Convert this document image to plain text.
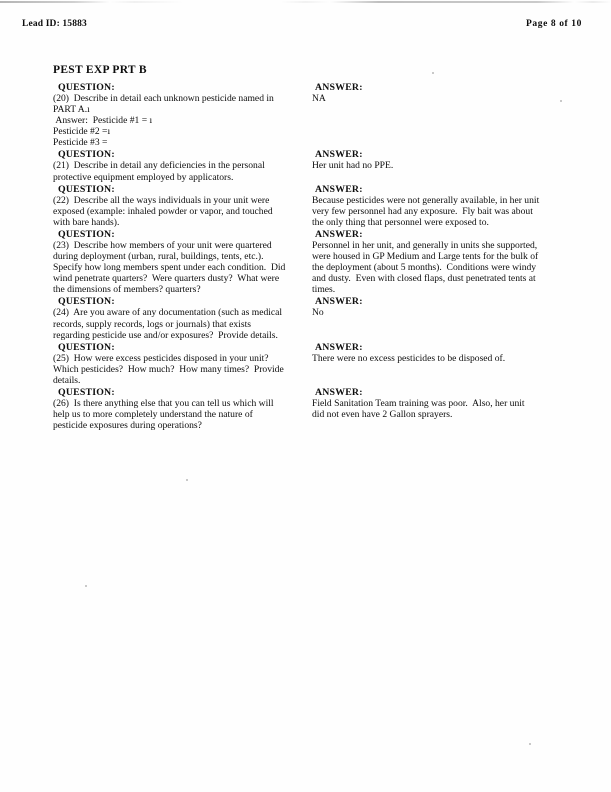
Lead ID: 15883	Page 8 of 10
PEST EXP PRT B
QUESTION:	ANSWER:
(20)  Describe in detail each unknown pesticide named in
PART A.ı
Answer:  Pesticide #1 = ı
Pesticide #2 =ı
Pesticide #3 =
NA
QUESTION:	ANSWER:
(21)  Describe in detail any deficiencies in the personal
protective equipment employed by applicators.
Her unit had no PPE.
QUESTION:	ANSWER:
(22)  Describe all the ways individuals in your unit were
exposed (example: inhaled powder or vapor, and touched
with bare hands).
Because pesticides were not generally available, in her unit
very few personnel had any exposure.  Fly bait was about
the only thing that personnel were exposed to.
QUESTION:	ANSWER:
(23)  Describe how members of your unit were quartered
during deployment (urban, rural, buildings, tents, etc.).
Specify how long members spent under each condition.  Did
wind penetrate quarters?  Were quarters dusty?  What were
the dimensions of members? quarters?
Personnel in her unit, and generally in units she supported,
were housed in GP Medium and Large tents for the bulk of
the deployment (about 5 months).  Conditions were windy
and dusty.  Even with closed flaps, dust penetrated tents at
times.
QUESTION:	ANSWER:
(24)  Are you aware of any documentation (such as medical
records, supply records, logs or journals) that exists
regarding pesticide use and/or exposures?  Provide details.
No
QUESTION:	ANSWER:
(25)  How were excess pesticides disposed in your unit?
Which pesticides?  How much?  How many times?  Provide
details.
There were no excess pesticides to be disposed of.
QUESTION:	ANSWER:
(26)  Is there anything else that you can tell us which will
help us to more completely understand the nature of
pesticide exposures during operations?
Field Sanitation Team training was poor.  Also, her unit
did not even have 2 Gallon sprayers.
